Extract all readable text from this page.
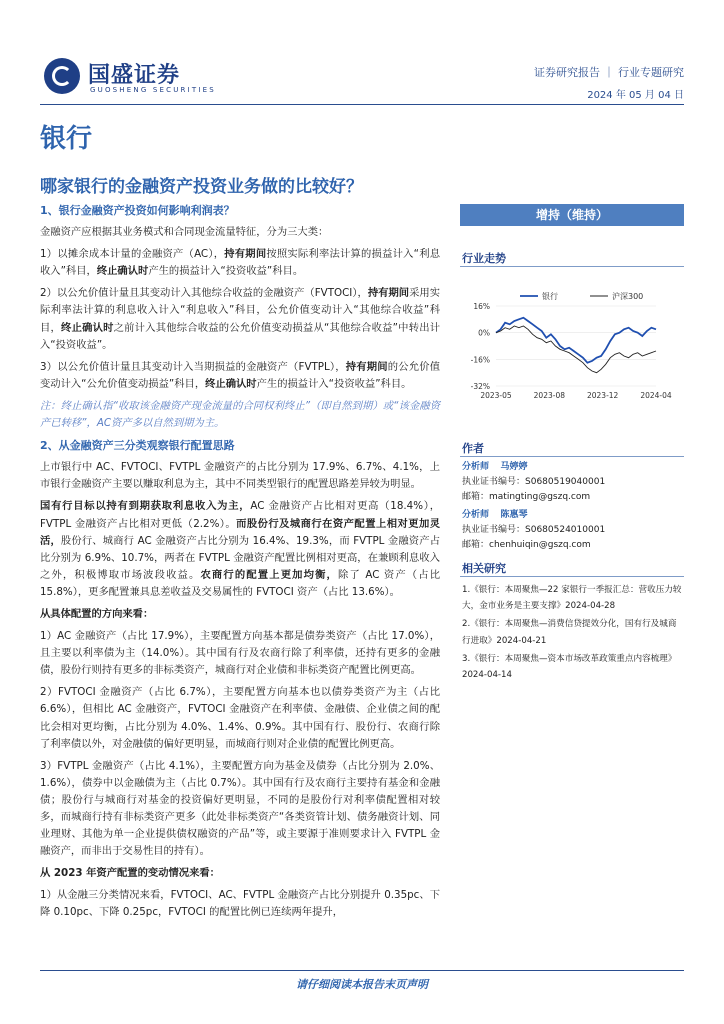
国盛证券
GUOSHENG SECURITIES
证券研究报告 ｜ 行业专题研究
2024 年 05 月 04 日
银行
哪家银行的金融资产投资业务做的比较好？
1、银行金融资产投资如何影响利润表？

金融资产应根据其业务模式和合同现金流量特征，分为三大类：

1）以摊余成本计量的金融资产（AC），持有期间按照实际利率法计算的损益计入“利息收入”科目，终止确认时产生的损益计入“投资收益”科目。

2）以公允价值计量且其变动计入其他综合收益的金融资产（FVTOCI），持有期间采用实际利率法计算的利息收入计入“利息收入”科目，公允价值变动计入“其他综合收益”科目，终止确认时之前计入其他综合收益的公允价值变动损益从“其他综合收益”中转出计入“投资收益”。

3）以公允价值计量且其变动计入当期损益的金融资产（FVTPL），持有期间的公允价值变动计入“公允价值变动损益”科目，终止确认时产生的损益计入“投资收益”科目。

注：终止确认指“收取该金融资产现金流量的合同权利终止”（即自然到期）或“该金融资产已转移”，AC资产多以自然到期为主。

2、从金融资产三分类观察银行配置思路

上市银行中 AC、FVTOCI、FVTPL 金融资产的占比分别为 17.9%、6.7%、4.1%，上市银行金融资产主要以赚取利息为主，其中不同类型银行的配置思路差异较为明显。

国有行目标以持有到期获取利息收入为主，AC 金融资产占比相对更高（18.4%），FVTPL 金融资产占比相对更低（2.2%）。而股份行及城商行在资产配置上相对更加灵活，股份行、城商行 AC 金融资产占比分别为 16.4%、19.3%，而 FVTPL 金融资产占比分别为 6.9%、10.7%，两者在 FVTPL 金融资产配置比例相对更高，在兼顾利息收入之外，积极博取市场波段收益。农商行的配置上更加均衡，除了 AC 资产（占比 15.8%），更多配置兼具息差收益及交易属性的 FVTOCI 资产（占比 13.6%）。

从具体配置的方向来看：

1）AC 金融资产（占比 17.9%），主要配置方向基本都是债券类资产（占比 17.0%），且主要以利率债为主（14.0%）。其中国有行及农商行除了利率债，还持有更多的金融债，股份行则持有更多的非标类资产，城商行对企业债和非标类资产配置比例更高。

2）FVTOCI 金融资产（占比 6.7%），主要配置方向基本也以债券类资产为主（占比 6.6%），但相比 AC 金融资产，FVTOCI 金融资产在利率债、金融债、企业债之间的配比会相对更均衡，占比分别为 4.0%、1.4%、0.9%。其中国有行、股份行、农商行除了利率债以外，对金融债的偏好更明显，而城商行则对企业债的配置比例更高。

3）FVTPL 金融资产（占比 4.1%），主要配置方向为基金及债券（占比分别为 2.0%、1.6%），债券中以金融债为主（占比 0.7%）。其中国有行及农商行主要持有基金和金融债；股份行与城商行对基金的投资偏好更明显，不同的是股份行对利率债配置相对较多，而城商行持有非标类资产更多（此处非标类资产“各类资管计划、债务融资计划、同业理财、其他为单一企业提供债权融资的产品”等，或主要源于准则要求计入 FVTPL 金融资产，而非出于交易性目的持有）。

从 2023 年资产配置的变动情况来看：

1）从金融三分类情况来看，FVTOCI、AC、FVTPL 金融资产占比分别提升 0.35pc、下降 0.10pc、下降 0.25pc，FVTOCI 的配置比例已连续两年提升，

增持（维持）
行业走势
16%
0%
-16%
-32%
2023-05	2023-08	2023-12	2024-04
银行	沪深300
作者
分析师 马婷婷
执业证书编号：S0680519040001
邮箱：matingting@gszq.com
分析师 陈惠琴
执业证书编号：S0680524010001
邮箱：chenhuiqin@gszq.com
相关研究
1.《银行：本周聚焦—22 家银行一季报汇总：营收压力较大，金市业务是主要支撑》2024-04-28
2.《银行：本周聚焦—消费信贷提效分化，国有行及城商行进取》2024-04-21
3.《银行：本周聚焦—资本市场改革政策重点内容梳理》2024-04-14
请仔细阅读本报告末页声明
